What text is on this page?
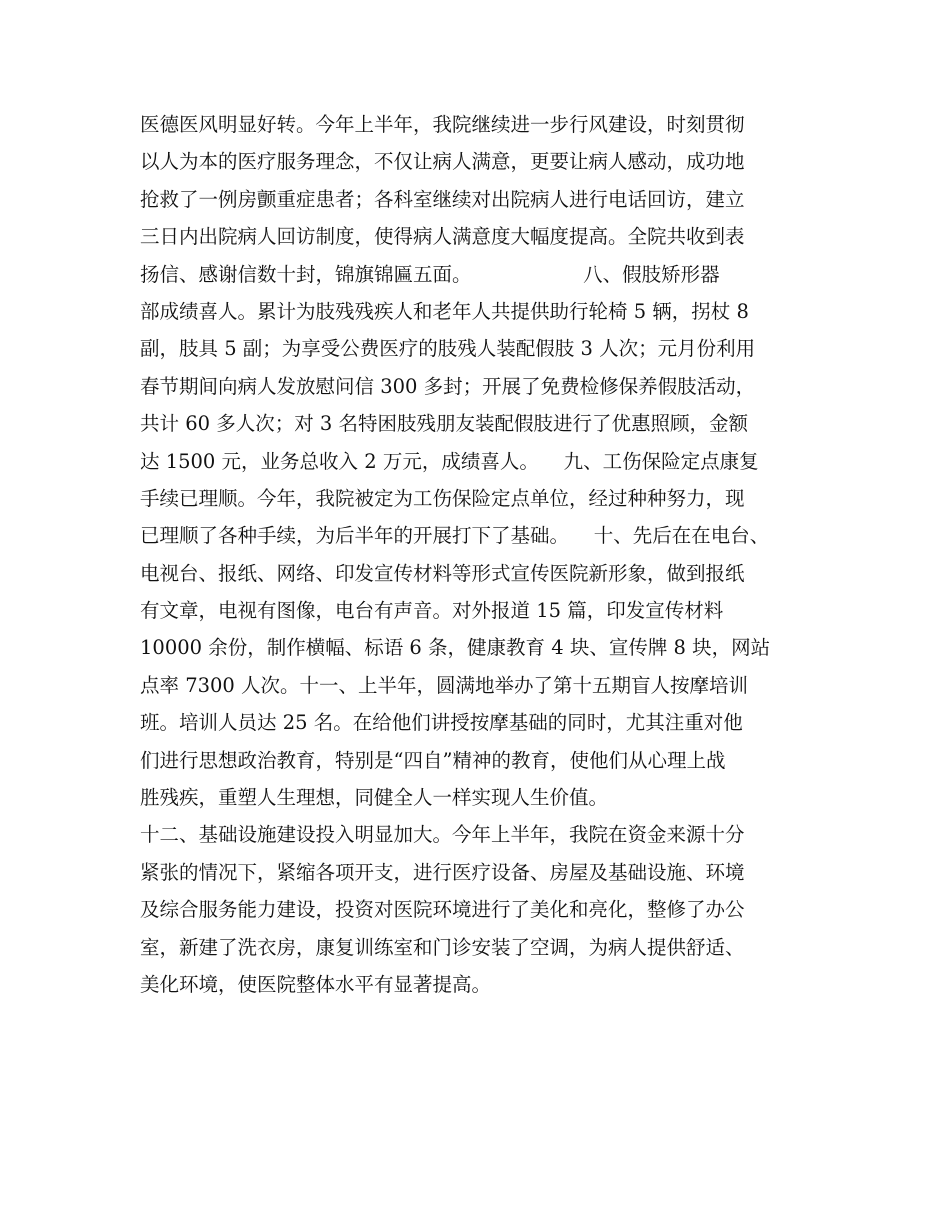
医德医风明显好转。今年上半年，我院继续进一步行风建设，时刻贯彻
以人为本的医疗服务理念，不仅让病人满意，更要让病人感动，成功地
抢救了一例房颤重症患者；各科室继续对出院病人进行电话回访，建立
三日内出院病人回访制度，使得病人满意度大幅度提高。全院共收到表
扬信、感谢信数十封，锦旗锦匾五面。                  八、假肢矫形器
部成绩喜人。累计为肢残残疾人和老年人共提供助行轮椅 5 辆，拐杖 8
副，肢具 5 副；为享受公费医疗的肢残人装配假肢 3 人次；元月份利用
春节期间向病人发放慰问信 300 多封；开展了免费检修保养假肢活动，
共计 60 多人次；对 3 名特困肢残朋友装配假肢进行了优惠照顾，金额
达 1500 元，业务总收入 2 万元，成绩喜人。    九、工伤保险定点康复
手续已理顺。今年，我院被定为工伤保险定点单位，经过种种努力，现
已理顺了各种手续，为后半年的开展打下了基础。    十、先后在在电台、
电视台、报纸、网络、印发宣传材料等形式宣传医院新形象，做到报纸
有文章，电视有图像，电台有声音。对外报道 15 篇，印发宣传材料
10000 余份，制作横幅、标语 6 条，健康教育 4 块、宣传牌 8 块，网站
点率 7300 人次。十一、上半年，圆满地举办了第十五期盲人按摩培训
班。培训人员达 25 名。在给他们讲授按摩基础的同时，尤其注重对他
们进行思想政治教育，特别是“四自”精神的教育，使他们从心理上战
胜残疾，重塑人生理想，同健全人一样实现人生价值。
十二、基础设施建设投入明显加大。今年上半年，我院在资金来源十分
紧张的情况下，紧缩各项开支，进行医疗设备、房屋及基础设施、环境
及综合服务能力建设，投资对医院环境进行了美化和亮化，整修了办公
室，新建了洗衣房，康复训练室和门诊安装了空调，为病人提供舒适、
美化环境，使医院整体水平有显著提高。
